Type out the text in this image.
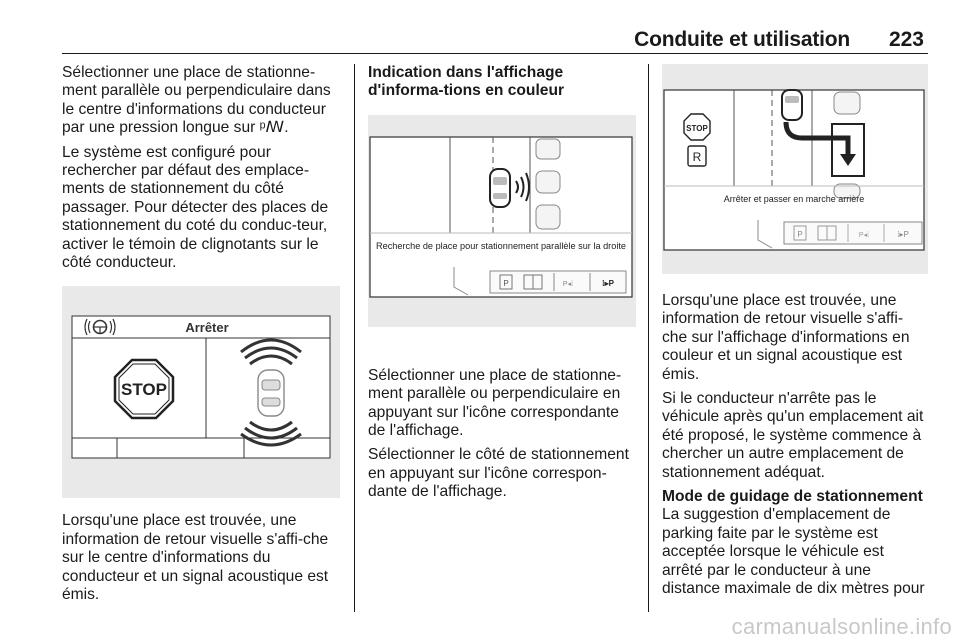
Conduite et utilisation 223

Sélectionner une place de stationne-ment parallèle ou perpendiculaire dans le centre d'informations du conducteur par une pression longue sur ᵖꟿ.

Le système est configuré pour rechercher par défaut des emplace-ments de stationnement du côté passager. Pour détecter des places de stationnement du coté du conduc-teur, activer le témoin de clignotants sur le côté conducteur.

Arrêter
STOP

Lorsqu'une place est trouvée, une information de retour visuelle s'affi-che sur le centre d'informations du conducteur et un signal acoustique est émis.

Indication dans l'affichage d'informa-tions en couleur

Recherche de place pour stationnement parallèle sur la droite
P	P◂⁞	⁞▸P

Sélectionner une place de stationne-ment parallèle ou perpendiculaire en appuyant sur l'icône correspondante de l'affichage.

Sélectionner le côté de stationnement en appuyant sur l'icône correspon-dante de l'affichage.

STOP
R
Arrêter et passer en marche arrière
P	P◂⁞	⁞▸P

Lorsqu'une place est trouvée, une information de retour visuelle s'affi-che sur l'affichage d'informations en couleur et un signal acoustique est émis.

Si le conducteur n'arrête pas le véhicule après qu'un emplacement ait été proposé, le système commence à chercher un autre emplacement de stationnement adéquat.

Mode de guidage de stationnement

La suggestion d'emplacement de parking faite par le système est acceptée lorsque le véhicule est arrêté par le conducteur à une distance maximale de dix mètres pour

carmanualsonline.info
